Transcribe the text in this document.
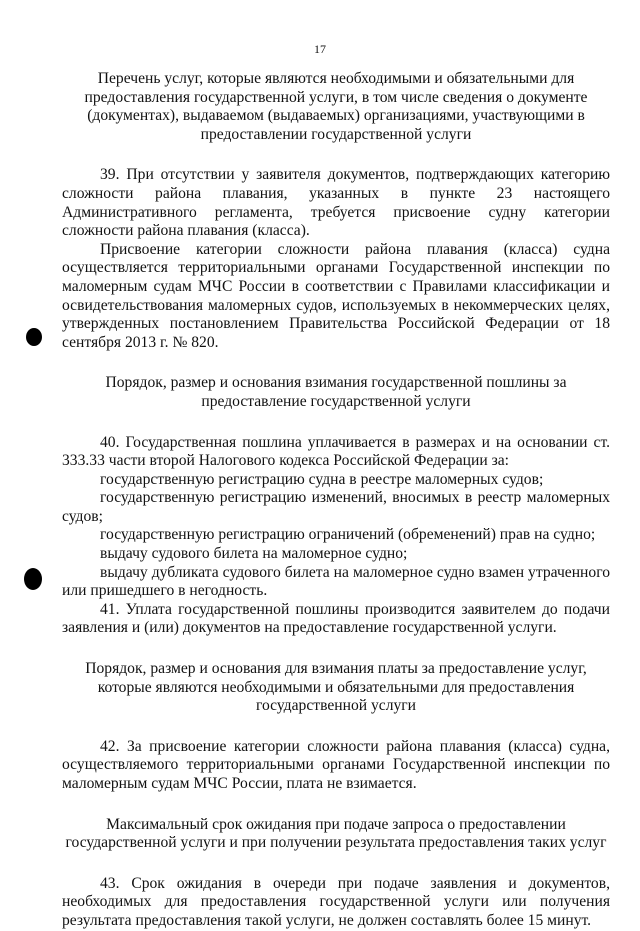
17

Перечень услуг, которые являются необходимыми и обязательными для предоставления государственной услуги, в том числе сведения о документе (документах), выдаваемом (выдаваемых) организациями, участвующими в предоставлении государственной услуги

39. При отсутствии у заявителя документов, подтверждающих категорию сложности района плавания, указанных в пункте 23 настоящего Административного регламента, требуется присвоение судну категории сложности района плавания (класса).

Присвоение категории сложности района плавания (класса) судна осуществляется территориальными органами Государственной инспекции по маломерным судам МЧС России в соответствии с Правилами классификации и освидетельствования маломерных судов, используемых в некоммерческих целях, утвержденных постановлением Правительства Российской Федерации от 18 сентября 2013 г. № 820.

Порядок, размер и основания взимания государственной пошлины за предоставление государственной услуги

40. Государственная пошлина уплачивается в размерах и на основании ст. 333.33 части второй Налогового кодекса Российской Федерации за:

государственную регистрацию судна в реестре маломерных судов;

государственную регистрацию изменений, вносимых в реестр маломерных судов;

государственную регистрацию ограничений (обременений) прав на судно;

выдачу судового билета на маломерное судно;

выдачу дубликата судового билета на маломерное судно взамен утраченного или пришедшего в негодность.

41. Уплата государственной пошлины производится заявителем до подачи заявления и (или) документов на предоставление государственной услуги.

Порядок, размер и основания для взимания платы за предоставление услуг, которые являются необходимыми и обязательными для предоставления государственной услуги

42. За присвоение категории сложности района плавания (класса) судна, осуществляемого территориальными органами Государственной инспекции по маломерным судам МЧС России, плата не взимается.

Максимальный срок ожидания при подаче запроса о предоставлении государственной услуги и при получении результата предоставления таких услуг

43. Срок ожидания в очереди при подаче заявления и документов, необходимых для предоставления государственной услуги или получения результата предоставления такой услуги, не должен составлять более 15 минут.
